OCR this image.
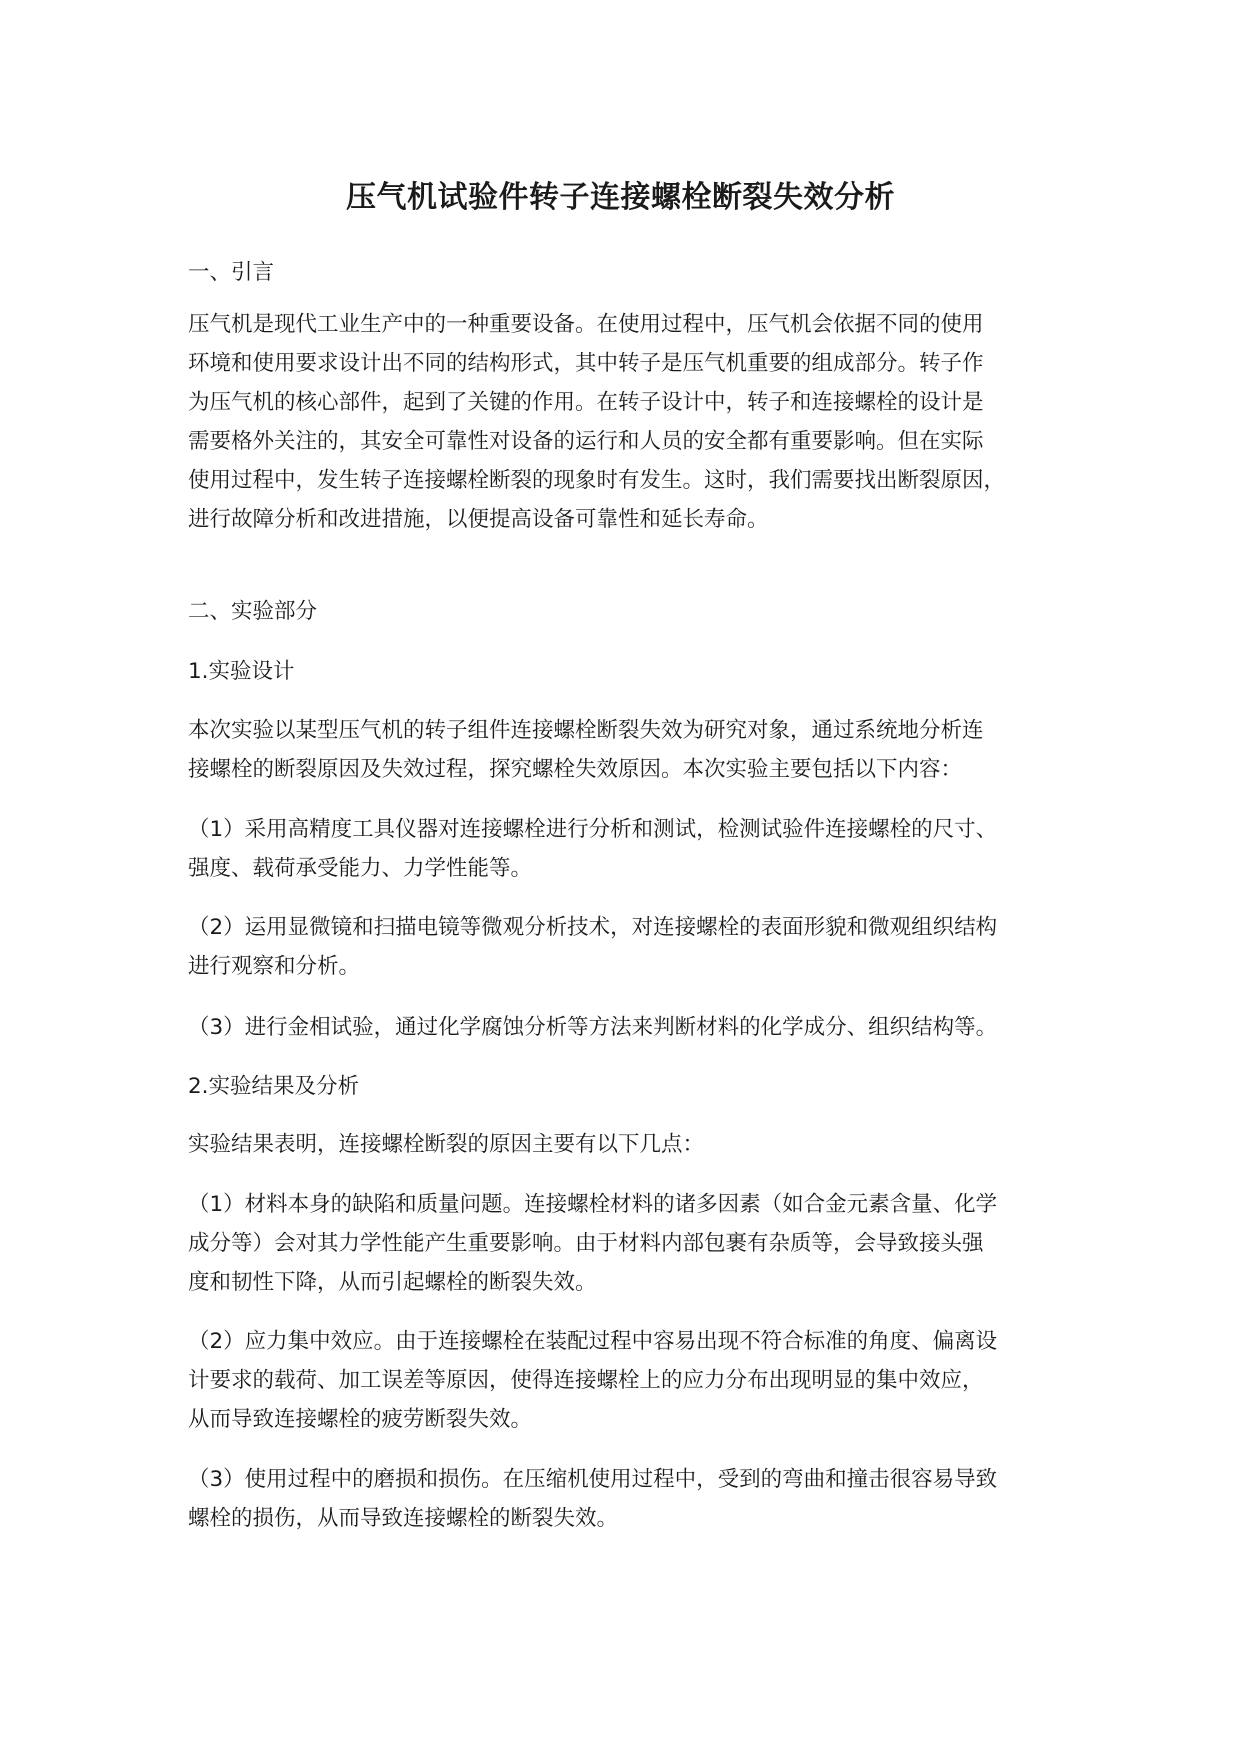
压气机试验件转子连接螺栓断裂失效分析
一、引言
压气机是现代工业生产中的一种重要设备。在使用过程中，压气机会依据不同的使用
环境和使用要求设计出不同的结构形式，其中转子是压气机重要的组成部分。转子作
为压气机的核心部件，起到了关键的作用。在转子设计中，转子和连接螺栓的设计是
需要格外关注的，其安全可靠性对设备的运行和人员的安全都有重要影响。但在实际
使用过程中，发生转子连接螺栓断裂的现象时有发生。这时，我们需要找出断裂原因，
进行故障分析和改进措施，以便提高设备可靠性和延长寿命。
二、实验部分
1.实验设计
本次实验以某型压气机的转子组件连接螺栓断裂失效为研究对象，通过系统地分析连
接螺栓的断裂原因及失效过程，探究螺栓失效原因。本次实验主要包括以下内容：
（1）采用高精度工具仪器对连接螺栓进行分析和测试，检测试验件连接螺栓的尺寸、
强度、载荷承受能力、力学性能等。
（2）运用显微镜和扫描电镜等微观分析技术，对连接螺栓的表面形貌和微观组织结构
进行观察和分析。
（3）进行金相试验，通过化学腐蚀分析等方法来判断材料的化学成分、组织结构等。
2.实验结果及分析
实验结果表明，连接螺栓断裂的原因主要有以下几点：
（1）材料本身的缺陷和质量问题。连接螺栓材料的诸多因素（如合金元素含量、化学
成分等）会对其力学性能产生重要影响。由于材料内部包裹有杂质等，会导致接头强
度和韧性下降，从而引起螺栓的断裂失效。
（2）应力集中效应。由于连接螺栓在装配过程中容易出现不符合标准的角度、偏离设
计要求的载荷、加工误差等原因，使得连接螺栓上的应力分布出现明显的集中效应，
从而导致连接螺栓的疲劳断裂失效。
（3）使用过程中的磨损和损伤。在压缩机使用过程中，受到的弯曲和撞击很容易导致
螺栓的损伤，从而导致连接螺栓的断裂失效。
